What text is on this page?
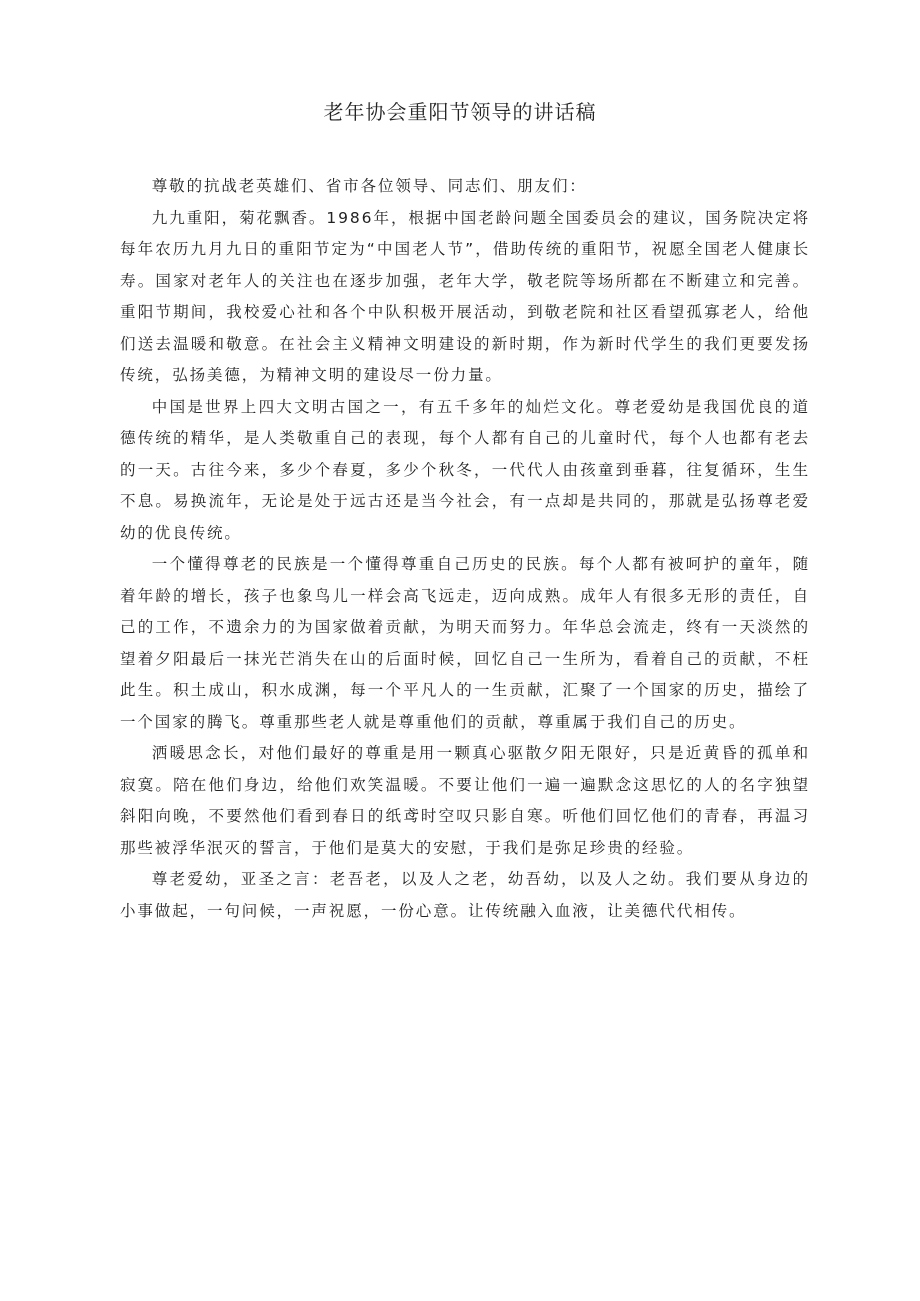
老年协会重阳节领导的讲话稿

尊敬的抗战老英雄们、省市各位领导、同志们、朋友们：

九九重阳，菊花飘香。1986年，根据中国老龄问题全国委员会的建议，国务院决定将每年农历九月九日的重阳节定为“中国老人节”，借助传统的重阳节，祝愿全国老人健康长寿。国家对老年人的关注也在逐步加强，老年大学，敬老院等场所都在不断建立和完善。重阳节期间，我校爱心社和各个中队积极开展活动，到敬老院和社区看望孤寡老人，给他们送去温暖和敬意。在社会主义精神文明建设的新时期，作为新时代学生的我们更要发扬传统，弘扬美德，为精神文明的建设尽一份力量。

中国是世界上四大文明古国之一，有五千多年的灿烂文化。尊老爱幼是我国优良的道德传统的精华，是人类敬重自己的表现，每个人都有自己的儿童时代，每个人也都有老去的一天。古往今来，多少个春夏，多少个秋冬，一代代人由孩童到垂暮，往复循环，生生不息。易换流年，无论是处于远古还是当今社会，有一点却是共同的，那就是弘扬尊老爱幼的优良传统。

一个懂得尊老的民族是一个懂得尊重自己历史的民族。每个人都有被呵护的童年，随着年龄的增长，孩子也象鸟儿一样会高飞远走，迈向成熟。成年人有很多无形的责任，自己的工作，不遗余力的为国家做着贡献，为明天而努力。年华总会流走，终有一天淡然的望着夕阳最后一抹光芒消失在山的后面时候，回忆自己一生所为，看着自己的贡献，不枉此生。积土成山，积水成渊，每一个平凡人的一生贡献，汇聚了一个国家的历史，描绘了一个国家的腾飞。尊重那些老人就是尊重他们的贡献，尊重属于我们自己的历史。

洒暖思念长，对他们最好的尊重是用一颗真心驱散夕阳无限好，只是近黄昏的孤单和寂寞。陪在他们身边，给他们欢笑温暖。不要让他们一遍一遍默念这思忆的人的名字独望斜阳向晚，不要然他们看到春日的纸鸢时空叹只影自寒。听他们回忆他们的青春，再温习那些被浮华泯灭的誓言，于他们是莫大的安慰，于我们是弥足珍贵的经验。

尊老爱幼，亚圣之言：老吾老，以及人之老，幼吾幼，以及人之幼。我们要从身边的小事做起，一句问候，一声祝愿，一份心意。让传统融入血液，让美德代代相传。
